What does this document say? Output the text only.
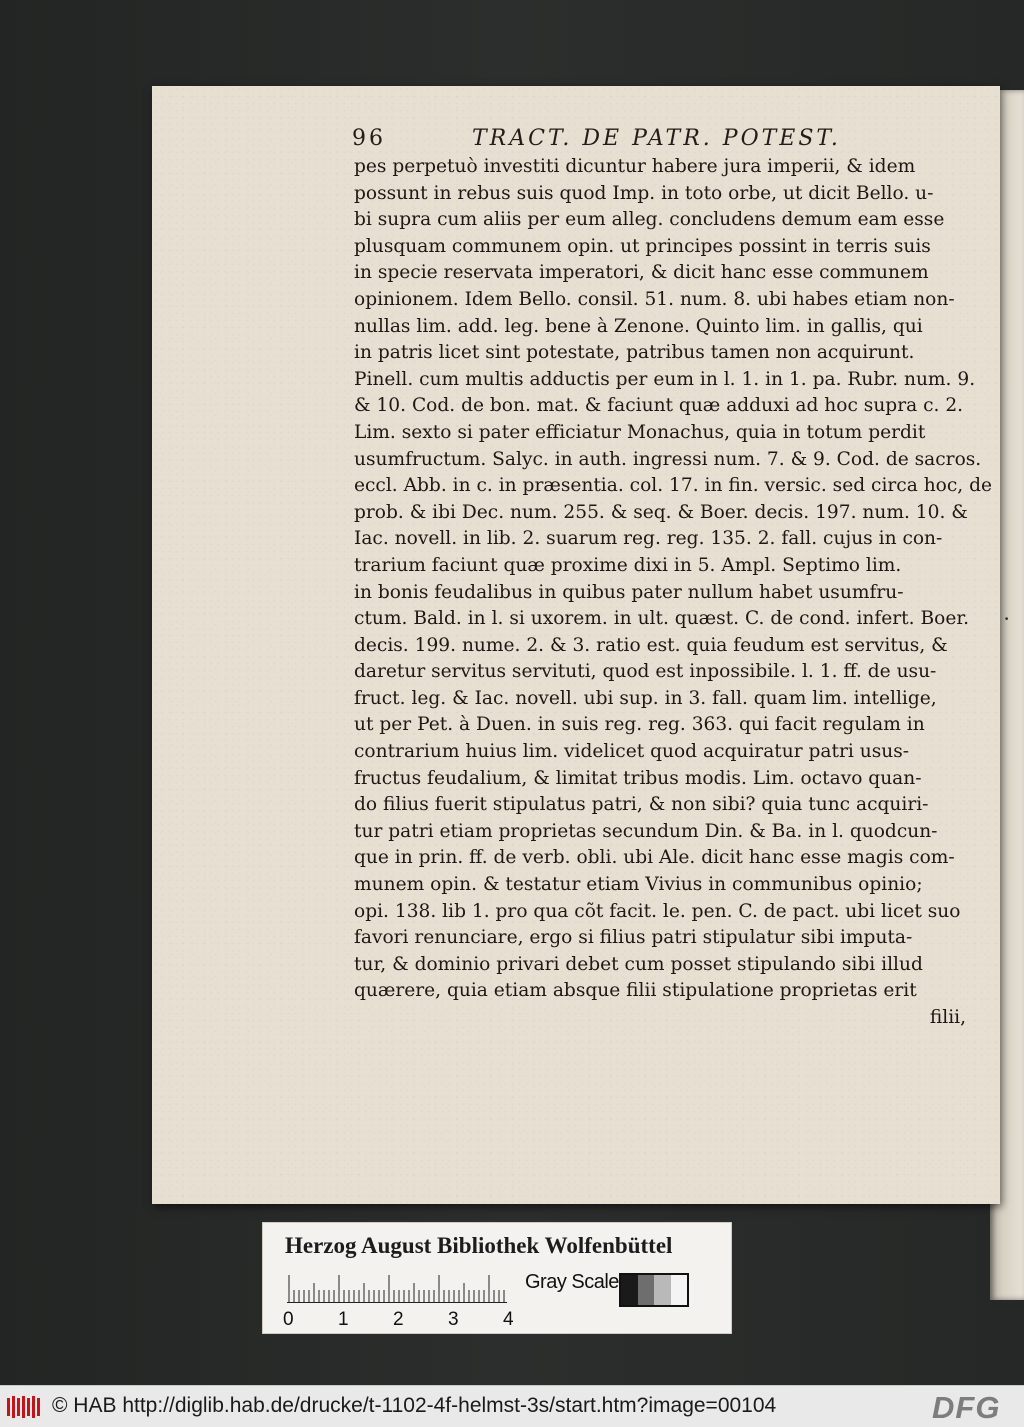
·
96	TRACT. DE PATR. POTEST.
pes perpetuò investiti dicuntur habere jura imperii, & idem
possunt in rebus suis quod Imp. in toto orbe, ut dicit Bello. u-
bi supra cum aliis per eum alleg. concludens demum eam esse
plusquam communem opin. ut principes possint in terris suis
in specie reservata imperatori, & dicit hanc esse communem
opinionem. Idem Bello. consil. 51. num. 8. ubi habes etiam non-
nullas lim. add. leg. bene à Zenone. Quinto lim. in gallis, qui
in patris licet sint potestate, patribus tamen non acquirunt.
Pinell. cum multis adductis per eum in l. 1. in 1. pa. Rubr. num. 9.
& 10. Cod. de bon. mat. & faciunt quæ adduxi ad hoc supra c. 2.
Lim. sexto si pater efficiatur Monachus, quia in totum perdit
usumfructum. Salyc. in auth. ingressi num. 7. & 9. Cod. de sacros.
eccl. Abb. in c. in præsentia. col. 17. in fin. versic. sed circa hoc, de
prob. & ibi Dec. num. 255. & seq. & Boer. decis. 197. num. 10. &
Iac. novell. in lib. 2. suarum reg. reg. 135. 2. fall. cujus in con-
trarium faciunt quæ proxime dixi in 5. Ampl. Septimo lim.
in bonis feudalibus in quibus pater nullum habet usumfru-
ctum. Bald. in l. si uxorem. in ult. quæst. C. de cond. infert. Boer.
decis. 199. nume. 2. & 3. ratio est. quia feudum est servitus, &
daretur servitus servituti, quod est inpossibile. l. 1. ff. de usu-
fruct. leg. & Iac. novell. ubi sup. in 3. fall. quam lim. intellige,
ut per Pet. à Duen. in suis reg. reg. 363. qui facit regulam in
contrarium huius lim. videlicet quod acquiratur patri usus-
fructus feudalium, & limitat tribus modis. Lim. octavo quan-
do filius fuerit stipulatus patri, & non sibi? quia tunc acquiri-
tur patri etiam proprietas secundum Din. & Ba. in l. quodcun-
que in prin. ff. de verb. obli. ubi Ale. dicit hanc esse magis com-
munem opin. & testatur etiam Vivius in communibus opinio;
opi. 138. lib 1. pro qua cõt facit. le. pen. C. de pact. ubi licet suo
favori renunciare, ergo si filius patri stipulatur sibi imputa-
tur, & dominio privari debet cum posset stipulando sibi illud
quærere, quia etiam absque filii stipulatione proprietas erit
filii,
Herzog August Bibliothek Wolfenbüttel
0 1 2 3 4
Gray Scale
© HAB http://diglib.hab.de/drucke/t-1102-4f-helmst-3s/start.htm?image=00104	DFG
